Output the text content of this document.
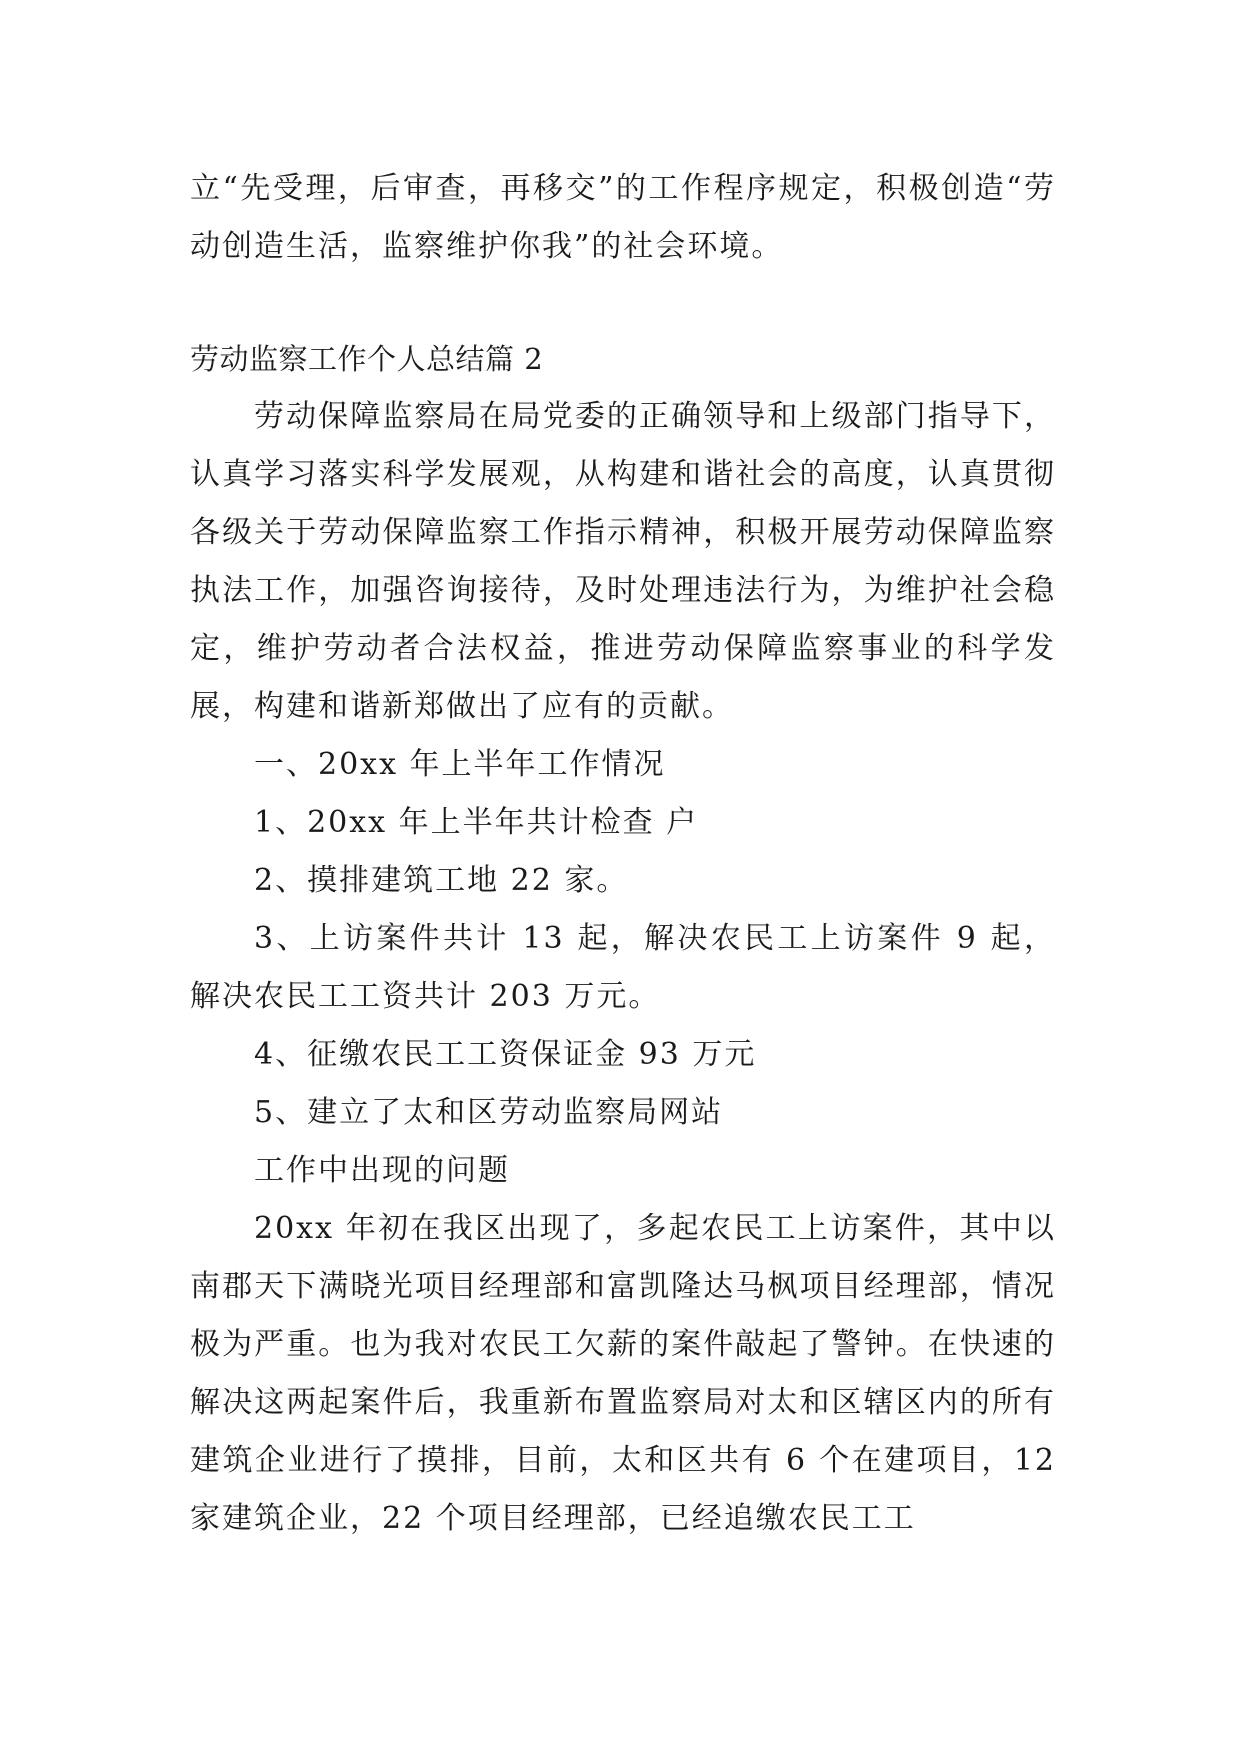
立“先受理，后审查，再移交”的工作程序规定，积极创造“劳动创造生活，监察维护你我”的社会环境。

劳动监察工作个人总结篇 2

劳动保障监察局在局党委的正确领导和上级部门指导下，认真学习落实科学发展观，从构建和谐社会的高度，认真贯彻各级关于劳动保障监察工作指示精神，积极开展劳动保障监察执法工作，加强咨询接待，及时处理违法行为，为维护社会稳定，维护劳动者合法权益，推进劳动保障监察事业的科学发展，构建和谐新郑做出了应有的贡献。

一、20xx 年上半年工作情况

1、20xx 年上半年共计检查 户

2、摸排建筑工地 22 家。

3、上访案件共计 13 起，解决农民工上访案件 9 起，解决农民工工资共计 203 万元。

4、征缴农民工工资保证金 93 万元

5、建立了太和区劳动监察局网站

工作中出现的问题

20xx 年初在我区出现了，多起农民工上访案件，其中以南郡天下满晓光项目经理部和富凯隆达马枫项目经理部，情况极为严重。也为我对农民工欠薪的案件敲起了警钟。在快速的解决这两起案件后，我重新布置监察局对太和区辖区内的所有建筑企业进行了摸排，目前，太和区共有 6 个在建项目，12 家建筑企业，22 个项目经理部，已经追缴农民工工
